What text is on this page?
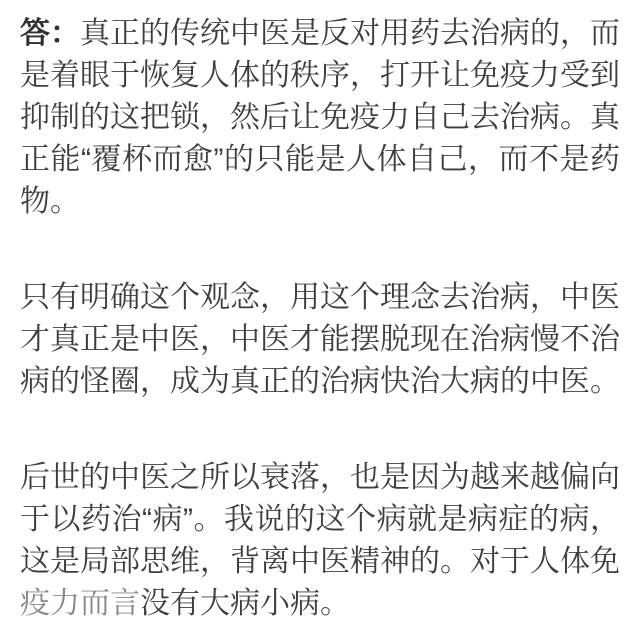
答：真正的传统中医是反对用药去治病的，而是着眼于恢复人体的秩序，打开让免疫力受到抑制的这把锁，然后让免疫力自己去治病。真正能“覆杯而愈”的只能是人体自己，而不是药物。

只有明确这个观念，用这个理念去治病，中医才真正是中医，中医才能摆脱现在治病慢不治病的怪圈，成为真正的治病快治大病的中医。

后世的中医之所以衰落，也是因为越来越偏向于以药治“病”。我说的这个病就是病症的病，这是局部思维，背离中医精神的。对于人体免疫力而言没有大病小病。
